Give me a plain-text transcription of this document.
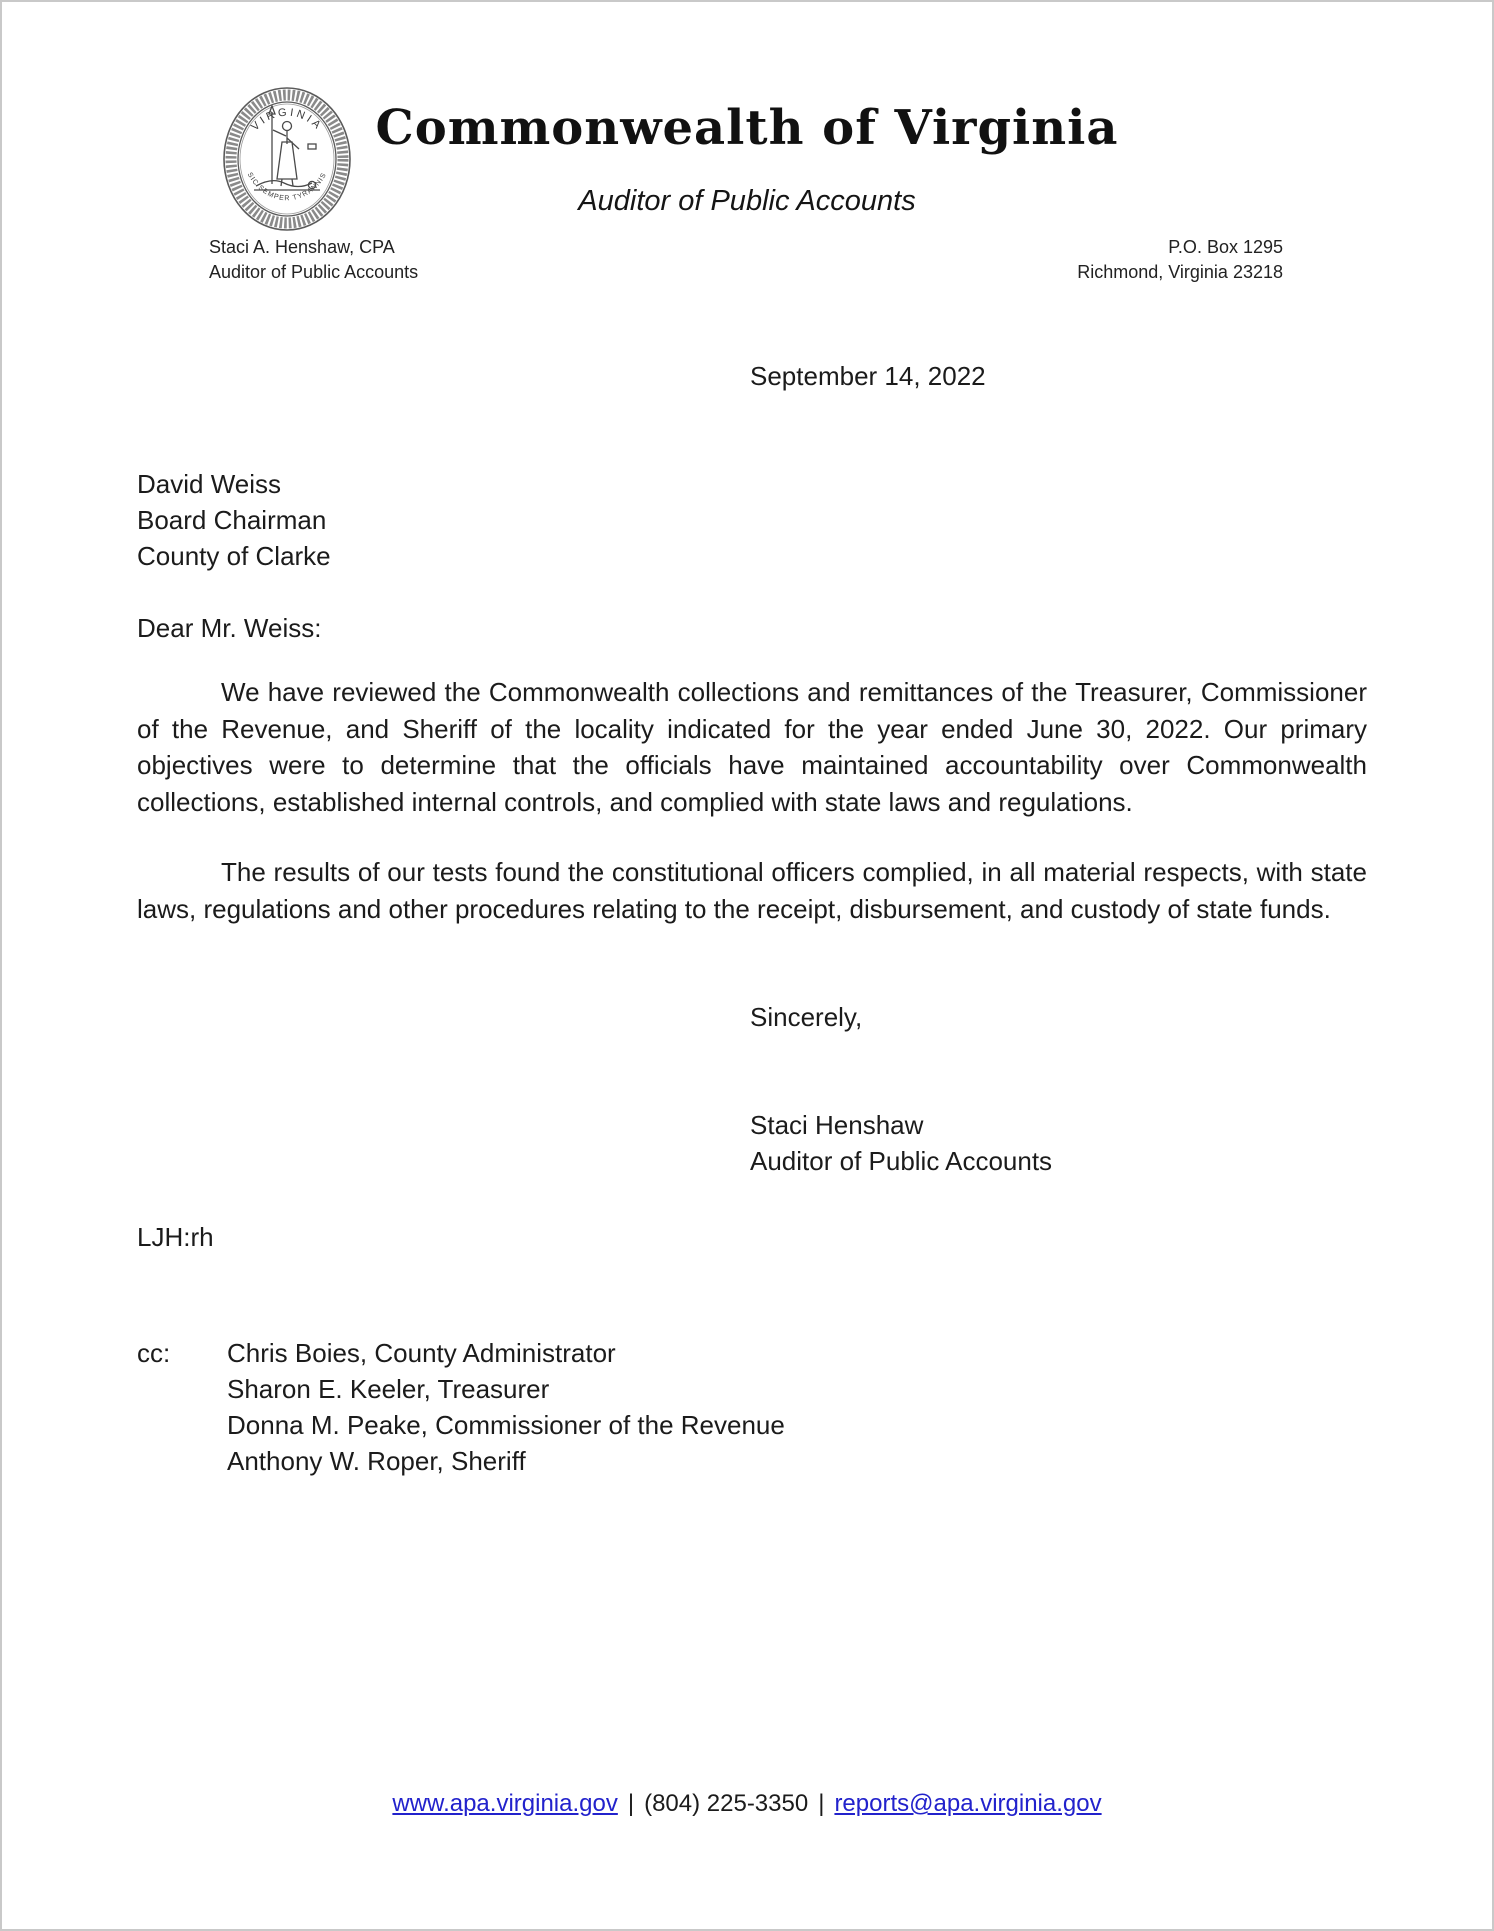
VIRGINIA
SIC SEMPER TYRANNIS
Commonwealth of Virginia
Auditor of Public Accounts
Staci A. Henshaw, CPA
Auditor of Public Accounts
P.O. Box 1295
Richmond, Virginia 23218
September 14, 2022
David Weiss
Board Chairman
County of Clarke
Dear Mr. Weiss:

We have reviewed the Commonwealth collections and remittances of the Treasurer, Commissioner of the Revenue, and Sheriff of the locality indicated for the year ended June 30, 2022. Our primary objectives were to determine that the officials have maintained accountability over Commonwealth collections, established internal controls, and complied with state laws and regulations.

The results of our tests found the constitutional officers complied, in all material respects, with state laws, regulations and other procedures relating to the receipt, disbursement, and custody of state funds.

Sincerely,
Staci Henshaw
Auditor of Public Accounts
LJH:rh
cc:	Chris Boies, County Administrator
Sharon E. Keeler, Treasurer
Donna M. Peake, Commissioner of the Revenue
Anthony W. Roper, Sheriff
www.apa.virginia.gov | (804) 225-3350 | reports@apa.virginia.gov
